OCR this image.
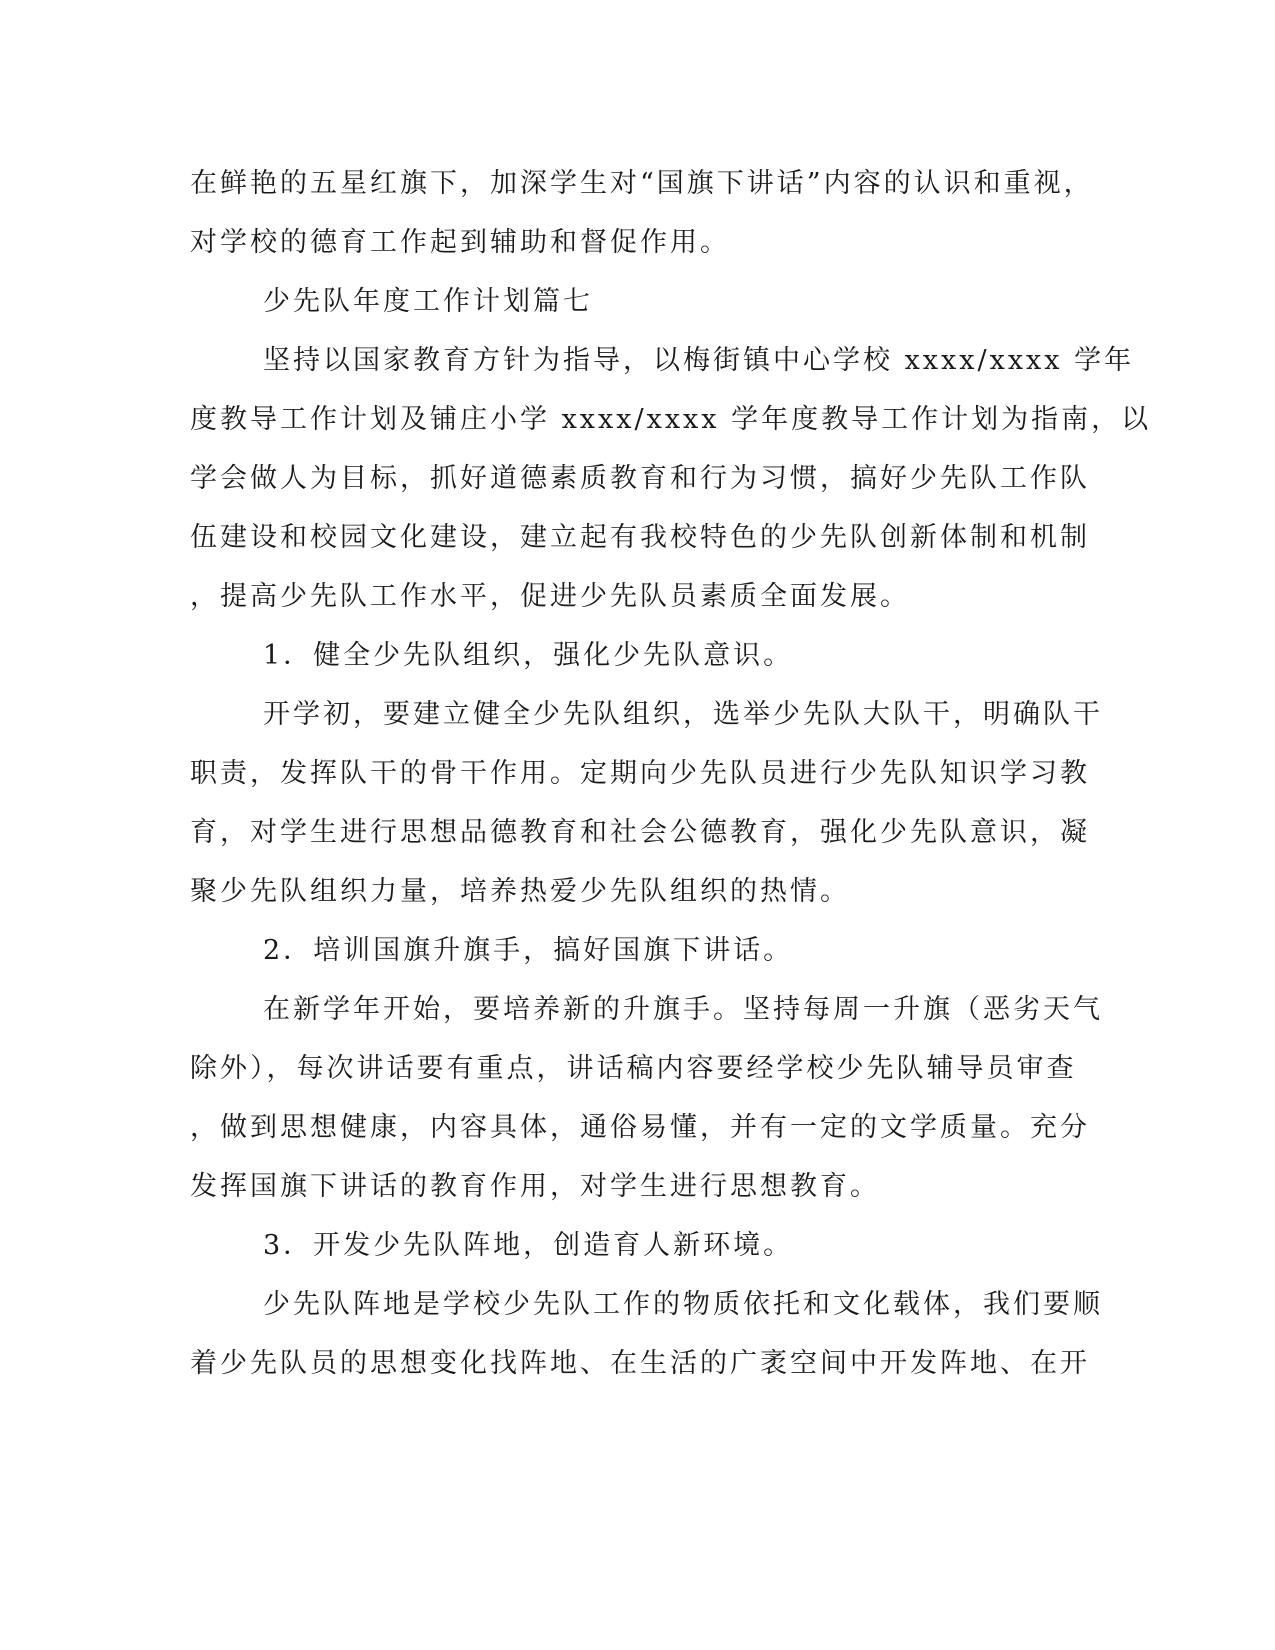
在鲜艳的五星红旗下，加深学生对“国旗下讲话”内容的认识和重视，
对学校的德育工作起到辅助和督促作用。
少先队年度工作计划篇七
坚持以国家教育方针为指导，以梅街镇中心学校 xxxx/xxxx 学年
度教导工作计划及铺庄小学 xxxx/xxxx 学年度教导工作计划为指南，以
学会做人为目标，抓好道德素质教育和行为习惯，搞好少先队工作队
伍建设和校园文化建设，建立起有我校特色的少先队创新体制和机制
，提高少先队工作水平，促进少先队员素质全面发展。
1．健全少先队组织，强化少先队意识。
开学初，要建立健全少先队组织，选举少先队大队干，明确队干
职责，发挥队干的骨干作用。定期向少先队员进行少先队知识学习教
育，对学生进行思想品德教育和社会公德教育，强化少先队意识，凝
聚少先队组织力量，培养热爱少先队组织的热情。
2．培训国旗升旗手，搞好国旗下讲话。
在新学年开始，要培养新的升旗手。坚持每周一升旗（恶劣天气
除外），每次讲话要有重点，讲话稿内容要经学校少先队辅导员审查
，做到思想健康，内容具体，通俗易懂，并有一定的文学质量。充分
发挥国旗下讲话的教育作用，对学生进行思想教育。
3．开发少先队阵地，创造育人新环境。
少先队阵地是学校少先队工作的物质依托和文化载体，我们要顺
着少先队员的思想变化找阵地、在生活的广袤空间中开发阵地、在开
